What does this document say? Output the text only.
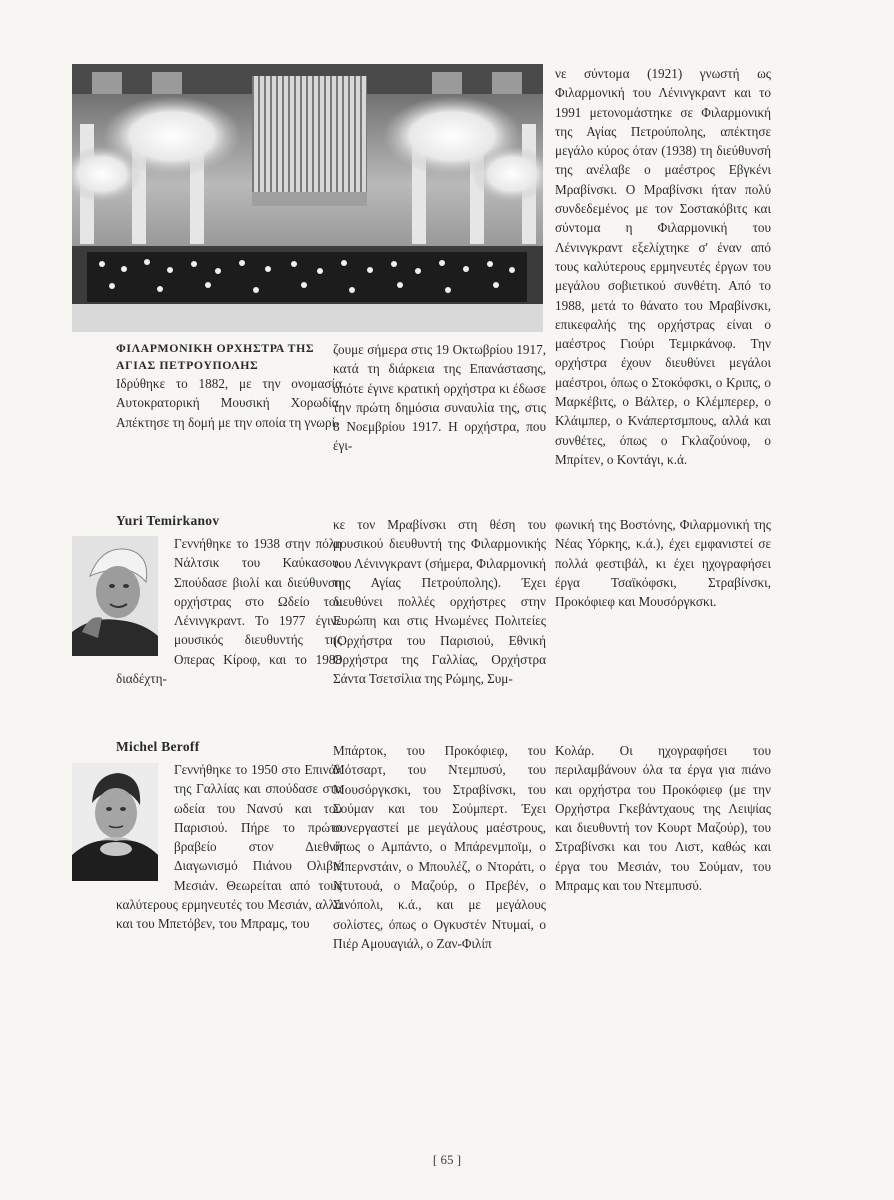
ΦΙΛΑΡΜΟΝΙΚΗ ΟΡΧΗΣΤΡΑ ΤΗΣ
ΑΓΙΑΣ ΠΕΤΡΟΥΠΟΛΗΣ

Ιδρύθηκε το 1882, με την ονομασία Αυτοκρατορική Μουσική Χορωδία. Απέκτησε τη δομή με την οποία τη γνωρί-

ζουμε σήμερα στις 19 Οκτωβρίου 1917, κατά τη διάρκεια της Επανάστασης, οπότε έγινε κρατική ορχήστρα κι έδωσε την πρώτη δημόσια συναυλία της, στις 8 Νοεμβρίου 1917. Η ορχήστρα, που έγι-

νε σύντομα (1921) γνωστή ως Φιλαρμονική του Λένινγκραντ και το 1991 μετονομάστηκε σε Φιλαρμονική της Αγίας Πετρούπολης, απέκτησε μεγάλο κύρος όταν (1938) τη διεύθυνσή της ανέλαβε ο μαέστρος Εβγκένι Μραβίνσκι. Ο Μραβίνσκι ήταν πολύ συνδεδεμένος με τον Σοστακόβιτς και σύντομα η Φιλαρμονική του Λένινγκραντ εξελίχτηκε σ' έναν από τους καλύτερους ερμηνευτές έργων του μεγάλου σοβιετικού συνθέτη. Από το 1988, μετά το θάνατο του Μραβίνσκι, επικεφαλής της ορχήστρας είναι ο μαέστρος Γιούρι Τεμιρκάνοφ. Την ορχήστρα έχουν διευθύνει μεγάλοι μαέστροι, όπως ο Στοκόφσκι, ο Κριπς, ο Μαρκέβιτς, ο Βάλτερ, ο Κλέμπερερ, ο Κλάιμπερ, ο Κνάπερτσμπους, αλλά και συνθέτες, όπως ο Γκλαζούνοφ, ο Μπρίτεν, ο Κοντάγι, κ.ά.

Yuri Temirkanov

Γεννήθηκε το 1938 στην πόλη Νάλτσικ του Καύκασου. Σπούδασε βιολί και διεύθυνση ορχήστρας στο Ωδείο του Λένινγκραντ. Το 1977 έγινε μουσικός διευθυντής της Οπερας Κίροφ, και το 1988 διαδέχτη-

κε τον Μραβίνσκι στη θέση του μουσικού διευθυντή της Φιλαρμονικής του Λένινγκραντ (σήμερα, Φιλαρμονική της Αγίας Πετρούπολης). Έχει διευθύνει πολλές ορχήστρες στην Ευρώπη και στις Ηνωμένες Πολιτείες (Ορχήστρα του Παρισιού, Εθνική Ορχήστρα της Γαλλίας, Ορχήστρα Σάντα Τσετσίλια της Ρώμης, Συμ-

φωνική της Βοστόνης, Φιλαρμονική της Νέας Υόρκης, κ.ά.), έχει εμφανιστεί σε πολλά φεστιβάλ, κι έχει ηχογραφήσει έργα Τσαϊκόφσκι, Στραβίνσκι, Προκόφιεφ και Μουσόργκσκι.

Michel Beroff

Γεννήθηκε το 1950 στο Επινάλ της Γαλλίας και σπούδασε στα ωδεία του Νανσύ και του Παρισιού. Πήρε το πρώτο βραβείο στον Διεθνή Διαγωνισμό Πιάνου Ολιβιέ Μεσιάν. Θεωρείται από τους καλύτερους ερμηνευτές του Μεσιάν, αλλά και του Μπετόβεν, του Μπραμς, του

Μπάρτοκ, του Προκόφιεφ, του Μότσαρτ, του Ντεμπυσύ, του Μουσόργκσκι, του Στραβίνσκι, του Σούμαν και του Σούμπερτ. Έχει συνεργαστεί με μεγάλους μαέστρους, όπως ο Αμπάντο, ο Μπάρενμποϊμ, ο Μπερνστάιν, ο Μπουλέζ, ο Ντοράτι, ο Ντυτουά, ο Μαζούρ, ο Πρεβέν, ο Σινόπολι, κ.ά., και με μεγάλους σολίστες, όπως ο Ογκυστέν Ντυμαί, ο Πιέρ Αμουαγιάλ, ο Ζαν-Φιλίπ

Κολάρ. Οι ηχογραφήσει του περιλαμβάνουν όλα τα έργα για πιάνο και ορχήστρα του Προκόφιεφ (με την Ορχήστρα Γκεβάντχαους της Λειψίας και διευθυντή τον Κουρτ Μαζούρ), του Στραβίνσκι και του Λιστ, καθώς και έργα του Μεσιάν, του Σούμαν, του Μπραμς και του Ντεμπυσύ.

[ 65 ]
